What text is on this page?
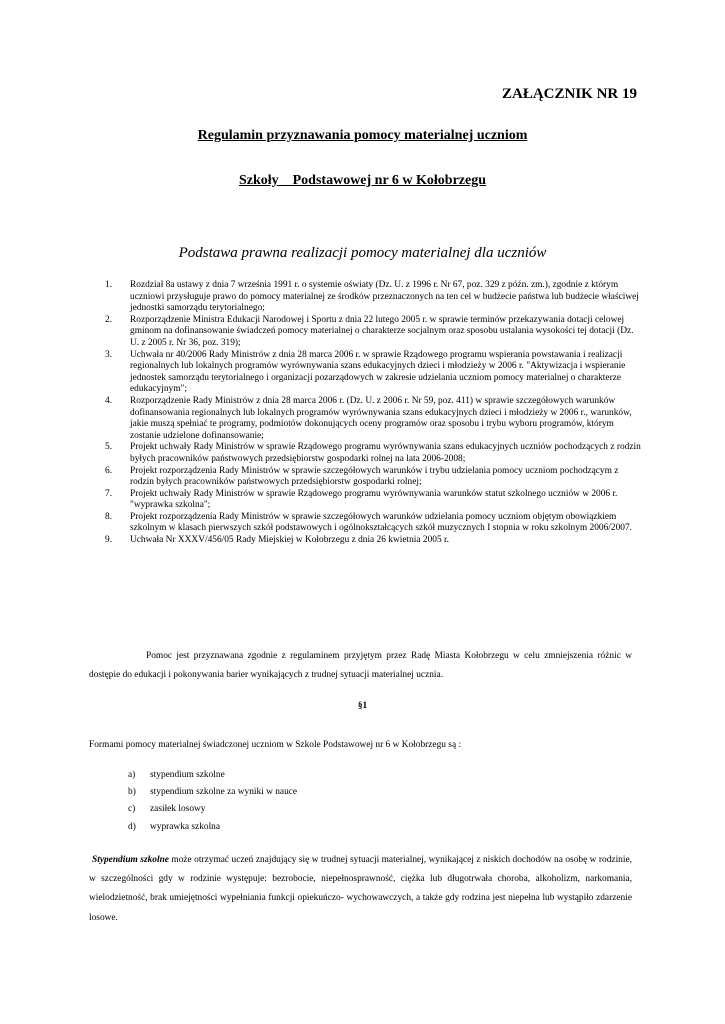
ZAŁĄCZNIK NR 19
Regulamin przyznawania pomocy materialnej uczniom
Szkoły    Podstawowej nr 6 w Kołobrzegu
Podstawa prawna realizacji pomocy materialnej dla uczniów
1. Rozdział 8a ustawy z dnia 7 września 1991 r. o systemie oświaty (Dz. U. z 1996 r. Nr 67, poz. 329 z późn. zm.), zgodnie z którym uczniowi przysługuje prawo do pomocy materialnej ze środków przeznaczonych na ten cel w budżecie państwa lub budżecie właściwej jednostki samorządu terytorialnego;
2. Rozporządzenie Ministra Edukacji Narodowej i Sportu z dnia 22 lutego 2005 r. w sprawie terminów przekazywania dotacji celowej gminom na dofinansowanie świadczeń pomocy materialnej o charakterze socjalnym oraz sposobu ustalania wysokości tej dotacji (Dz. U. z 2005 r. Nr 36, poz. 319);
3. Uchwała nr 40/2006 Rady Ministrów z dnia 28 marca 2006 r. w sprawie Rządowego programu wspierania powstawania i realizacji regionalnych lub lokalnych programów wyrównywania szans edukacyjnych dzieci i młodzieży w 2006 r. "Aktywizacja i wspieranie jednostek samorządu terytorialnego i organizacji pozarządowych w zakresie udzielania uczniom pomocy materialnej o charakterze edukacyjnym";
4. Rozporządzenie Rady Ministrów z dnia 28 marca 2006 r. (Dz. U. z 2006 r. Nr 59, poz. 411) w sprawie szczegółowych warunków dofinansowania regionalnych lub lokalnych programów wyrównywania szans edukacyjnych dzieci i młodzieży w 2006 r., warunków, jakie muszą spełniać te programy, podmiotów dokonujących oceny programów oraz sposobu i trybu wyboru programów, którym zostanie udzielone dofinansowanie;
5. Projekt uchwały Rady Ministrów w sprawie Rządowego programu wyrównywania szans edukacyjnych uczniów pochodzących z rodzin byłych pracowników państwowych przedsiębiorstw gospodarki rolnej na lata 2006-2008;
6. Projekt rozporządzenia Rady Ministrów w sprawie szczegółowych warunków i trybu udzielania pomocy uczniom pochodzącym z rodzin byłych pracowników państwowych przedsiębiorstw gospodarki rolnej;
7. Projekt uchwały Rady Ministrów w sprawie Rządowego programu wyrównywania warunków statut szkolnego uczniów w 2006 r. "wyprawka szkolna";
8. Projekt rozporządzenia Rady Ministrów w sprawie szczegółowych warunków udzielania pomocy uczniom objętym obowiązkiem szkolnym w klasach pierwszych szkół podstawowych i ogólnokształcących szkół muzycznych I stopnia w roku szkolnym 2006/2007.
9. Uchwała Nr XXXV/456/05 Rady Miejskiej w Kołobrzegu z dnia 26 kwietnia 2005 r.

Pomoc jest przyznawana zgodnie z regulaminem przyjętym przez Radę Miasta Kołobrzegu w celu zmniejszenia różnic w dostępie do edukacji i pokonywania barier wynikających z trudnej sytuacji materialnej ucznia.

§1

Formami pomocy materialnej świadczonej uczniom w Szkole Podstawowej nr 6 w Kołobrzegu są :

a) stypendium szkolne
b) stypendium szkolne za wyniki w nauce
c) zasiłek losowy
d) wyprawka szkolna

Stypendium szkolne może otrzymać uczeń znajdujący się w trudnej sytuacji materialnej, wynikającej z niskich dochodów na osobę w rodzinie, w szczególności gdy w rodzinie występuje: bezrobocie, niepełnosprawność, ciężka lub długotrwała choroba, alkoholizm, narkomania, wielodzietność, brak umiejętności wypełniania funkcji opiekuńczo- wychowawczych, a także gdy rodzina jest niepełna lub wystąpiło zdarzenie losowe.
